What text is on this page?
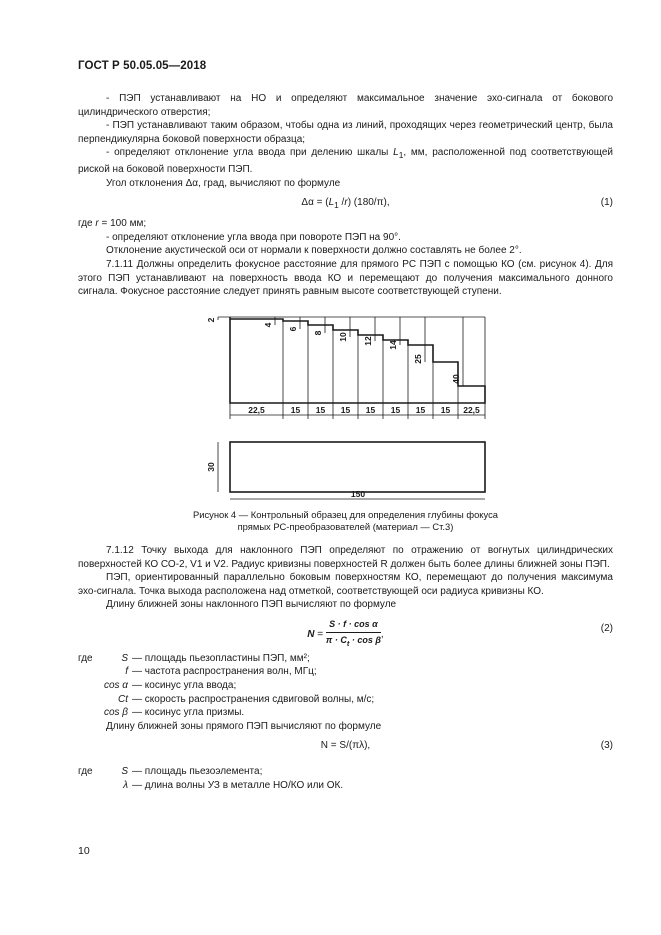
ГОСТ Р 50.05.05—2018

- ПЭП устанавливают на НО и определяют максимальное значение эхо-сигнала от бокового цилиндрического отверстия;

- ПЭП устанавливают таким образом, чтобы одна из линий, проходящих через геометрический центр, была перпендикулярна боковой поверхности образца;

- определяют отклонение угла ввода при делению шкалы $L_1$, мм, расположенной под соответствующей риской на боковой поверхности ПЭП.

Угол отклонения Δα, град, вычисляют по формуле

$\Delta\alpha = (L_1$ /r) (180/π),	(1)

где r = 100 мм;

- определяют отклонение угла ввода при повороте ПЭП на 90°.

Отклонение акустической оси от нормали к поверхности должно составлять не более 2°.

7.1.11 Должны определить фокусное расстояние для прямого РС ПЭП с помощью КО (см. рисунок 4). Для этого ПЭП устанавливают на поверхность ввода КО и перемещают до получения максимального донного сигнала. Фокусное расстояние следует принять равным высоте соответствующей ступени.

2
4
6
8 10 12 14
25
40
22,5	15 15 15 15 15 15 15 22,5
30
150
Рисунок 4 — Контрольный образец для определения глубины фокуса
прямых РС-преобразователей (материал — Ст.3)

7.1.12 Точку выхода для наклонного ПЭП определяют по отражению от вогнутых цилиндрических поверхностей КО СО-2, V1 и V2. Радиус кривизны поверхностей R должен быть более длины ближней зоны ПЭП.

ПЭП, ориентированный параллельно боковым поверхностям КО, перемещают до получения максимума эхо-сигнала. Точка выхода расположена над отметкой, соответствующей оси радиуса кривизны КО.

Длину ближней зоны наклонного ПЭП вычисляют по формуле

$N = \frac{\text{S · f · cos α}}{\pi \cdot C_t \cdot \cos \beta}$ ,
(2)
где	S — площадь пьезопластины ПЭП, мм²;
f — частота распространения волн, МГц;
cos α — косинус угла ввода;
Ct — скорость распространения сдвиговой волны, м/с;
cos β — косинус угла призмы.

Длину ближней зоны прямого ПЭП вычисляют по формуле

N = S/(πλ),	(3)
где	S — площадь пьезоэлемента;
λ — длина волны УЗ в металле НО/КО или ОК.
10
